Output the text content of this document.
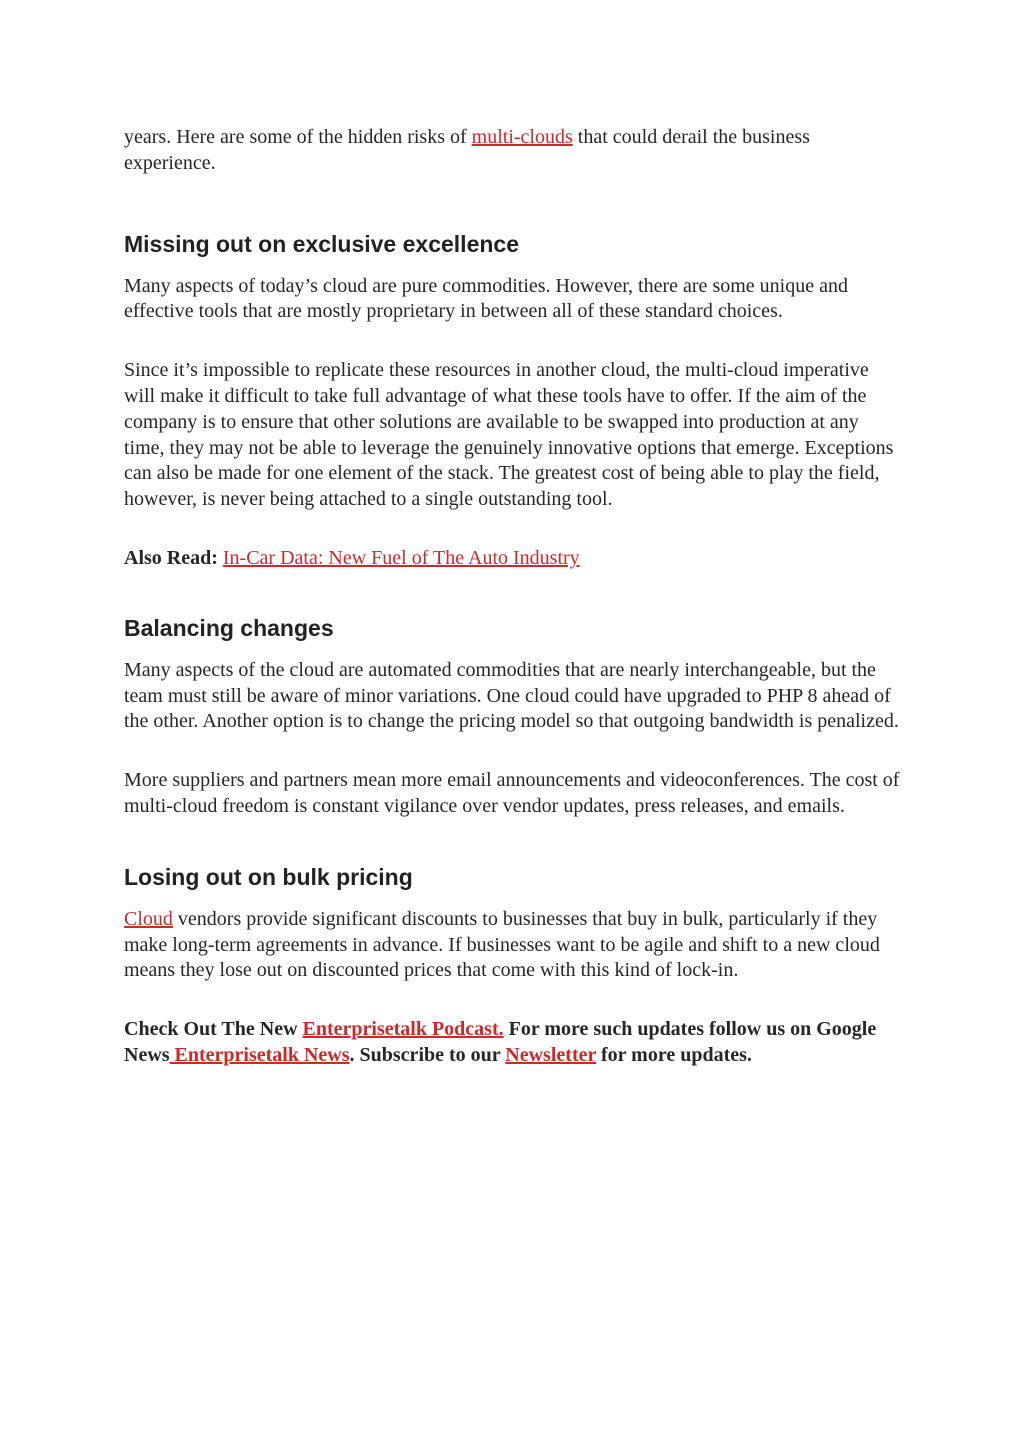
years. Here are some of the hidden risks of multi-clouds that could derail the business experience.

Missing out on exclusive excellence

Many aspects of today’s cloud are pure commodities. However, there are some unique and effective tools that are mostly proprietary in between all of these standard choices.

Since it’s impossible to replicate these resources in another cloud, the multi-cloud imperative will make it difficult to take full advantage of what these tools have to offer. If the aim of the company is to ensure that other solutions are available to be swapped into production at any time, they may not be able to leverage the genuinely innovative options that emerge. Exceptions can also be made for one element of the stack. The greatest cost of being able to play the field, however, is never being attached to a single outstanding tool.

Also Read: In-Car Data: New Fuel of The Auto Industry

Balancing changes

Many aspects of the cloud are automated commodities that are nearly interchangeable, but the team must still be aware of minor variations. One cloud could have upgraded to PHP 8 ahead of the other. Another option is to change the pricing model so that outgoing bandwidth is penalized.

More suppliers and partners mean more email announcements and videoconferences. The cost of multi-cloud freedom is constant vigilance over vendor updates, press releases, and emails.

Losing out on bulk pricing

Cloud vendors provide significant discounts to businesses that buy in bulk, particularly if they make long-term agreements in advance. If businesses want to be agile and shift to a new cloud means they lose out on discounted prices that come with this kind of lock-in.

Check Out The New Enterprisetalk Podcast. For more such updates follow us on Google News Enterprisetalk News. Subscribe to our Newsletter for more updates.
